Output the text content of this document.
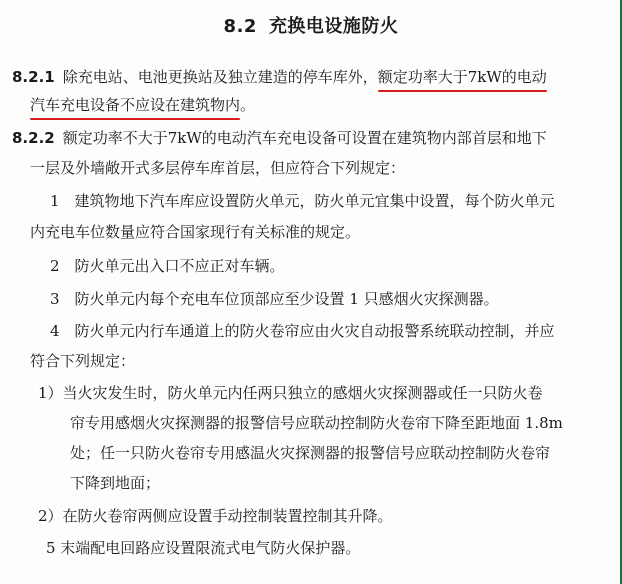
8.2 充换电设施防火
8.2.1 除充电站、电池更换站及独立建造的停车库外，额定功率大于7kW的电动
汽车充电设备不应设在建筑物内
。
8.2.2 额定功率不大于7kW的电动汽车充电设备可设置在建筑物内部首层和地下
一层及外墙敞开式多层停车库首层，但应符合下列规定：
1　建筑物地下汽车库应设置防火单元，防火单元宜集中设置，每个防火单元
内充电车位数量应符合国家现行有关标准的规定。
2　防火单元出入口不应正对车辆。
3　防火单元内每个充电车位顶部应至少设置 1 只感烟火灾探测器。
4　防火单元内行车通道上的防火卷帘应由火灾自动报警系统联动控制，并应
符合下列规定：
1）当火灾发生时，防火单元内任两只独立的感烟火灾探测器或任一只防火卷
帘专用感烟火灾探测器的报警信号应联动控制防火卷帘下降至距地面 1.8m
处；任一只防火卷帘专用感温火灾探测器的报警信号应联动控制防火卷帘
下降到地面；
2）在防火卷帘两侧应设置手动控制装置控制其升降。
5 末端配电回路应设置限流式电气防火保护器。
